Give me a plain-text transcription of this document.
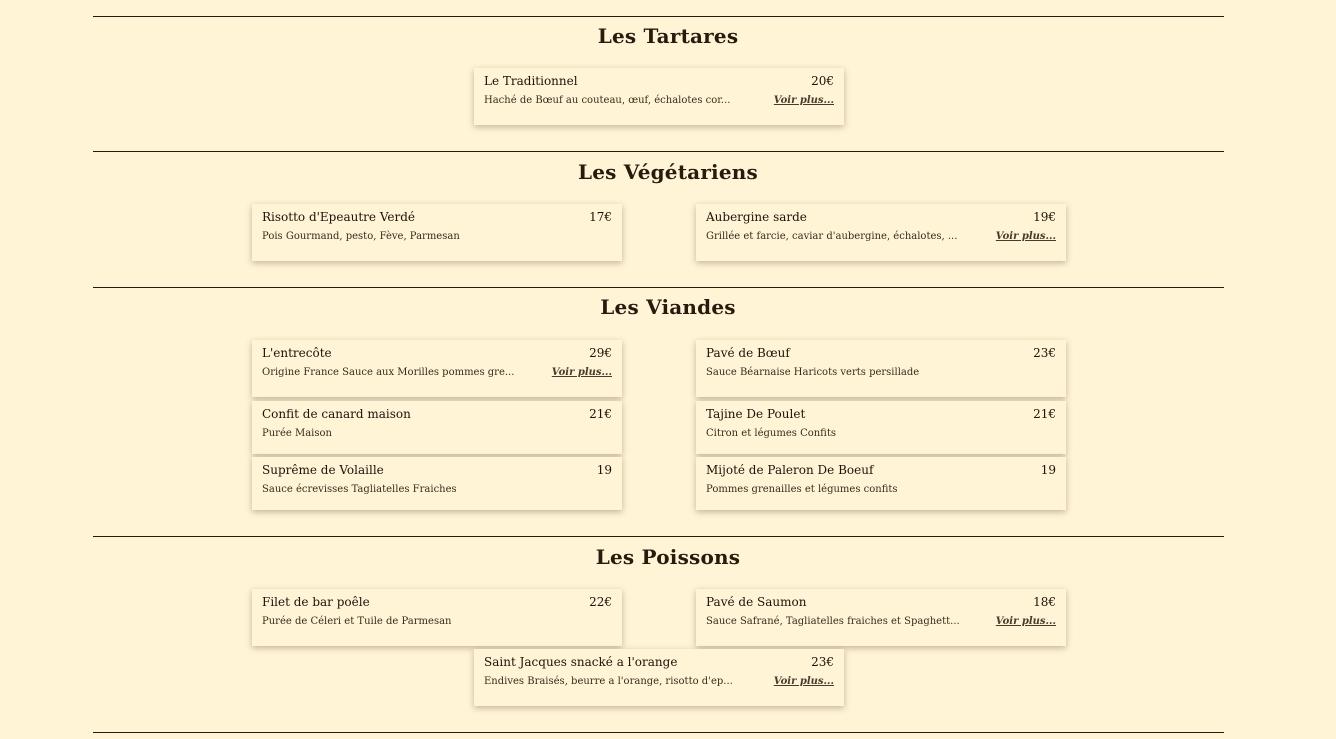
Les Tartares
Le Traditionnel	20€
Haché de Bœuf au couteau, œuf, échalotes cor...	Voir plus...
Les Végétariens
Risotto d'Epeautre Verdé	17€
Pois Gourmand, pesto, Fève, Parmesan
Aubergine sarde	19€
Grillée et farcie, caviar d'aubergine, échalotes, ...	Voir plus...
Les Viandes
L'entrecôte	29€
Origine France Sauce aux Morilles pommes gre...	Voir plus...
Pavé de Bœuf	23€
Sauce Béarnaise Haricots verts persillade
Confit de canard maison	21€
Purée Maison
Tajine De Poulet	21€
Citron et légumes Confits
Suprême de Volaille	19
Sauce écrevisses Tagliatelles Fraiches
Mijoté de Paleron De Boeuf	19
Pommes grenailles et légumes confits
Les Poissons
Filet de bar poêle	22€
Purée de Céleri et Tuile de Parmesan
Pavé de Saumon	18€
Sauce Safrané, Tagliatelles fraiches et Spaghett...	Voir plus...
Saint Jacques snacké a l'orange	23€
Endives Braisés, beurre a l'orange, risotto d'ep...	Voir plus...
